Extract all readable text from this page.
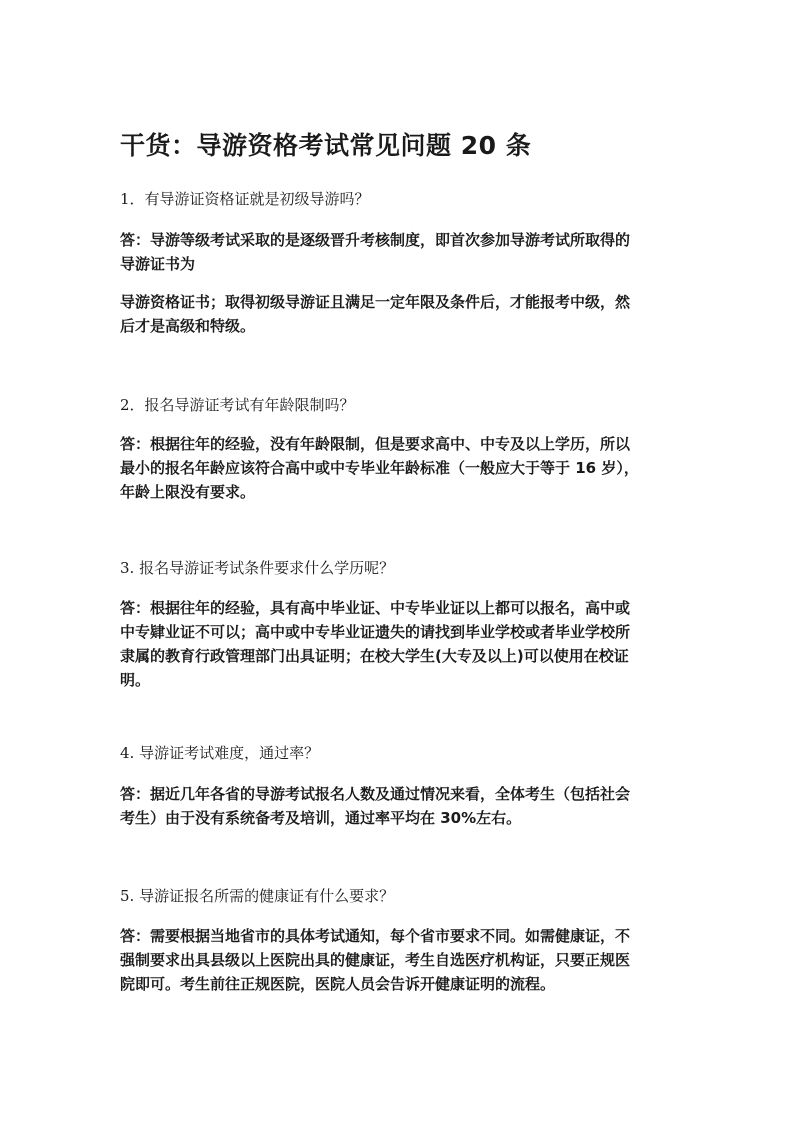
干货：导游资格考试常见问题 20 条

1．有导游证资格证就是初级导游吗？

答：导游等级考试采取的是逐级晋升考核制度，即首次参加导游考试所取得的
导游证书为
导游资格证书；取得初级导游证且满足一定年限及条件后，才能报考中级，然
后才是高级和特级。

2．报名导游证考试有年龄限制吗？

答：根据往年的经验，没有年龄限制，但是要求高中、中专及以上学历，所以
最小的报名年龄应该符合高中或中专毕业年龄标准（一般应大于等于 16 岁），
年龄上限没有要求。

3. 报名导游证考试条件要求什么学历呢？

答：根据往年的经验，具有高中毕业证、中专毕业证以上都可以报名，高中或
中专肄业证不可以；高中或中专毕业证遗失的请找到毕业学校或者毕业学校所
隶属的教育行政管理部门出具证明；在校大学生(大专及以上)可以使用在校证
明。

4. 导游证考试难度，通过率？

答：据近几年各省的导游考试报名人数及通过情况来看，全体考生（包括社会
考生）由于没有系统备考及培训，通过率平均在 30%左右。

5. 导游证报名所需的健康证有什么要求？

答：需要根据当地省市的具体考试通知，每个省市要求不同。如需健康证，不
强制要求出具县级以上医院出具的健康证，考生自选医疗机构证，只要正规医
院即可。考生前往正规医院，医院人员会告诉开健康证明的流程。
